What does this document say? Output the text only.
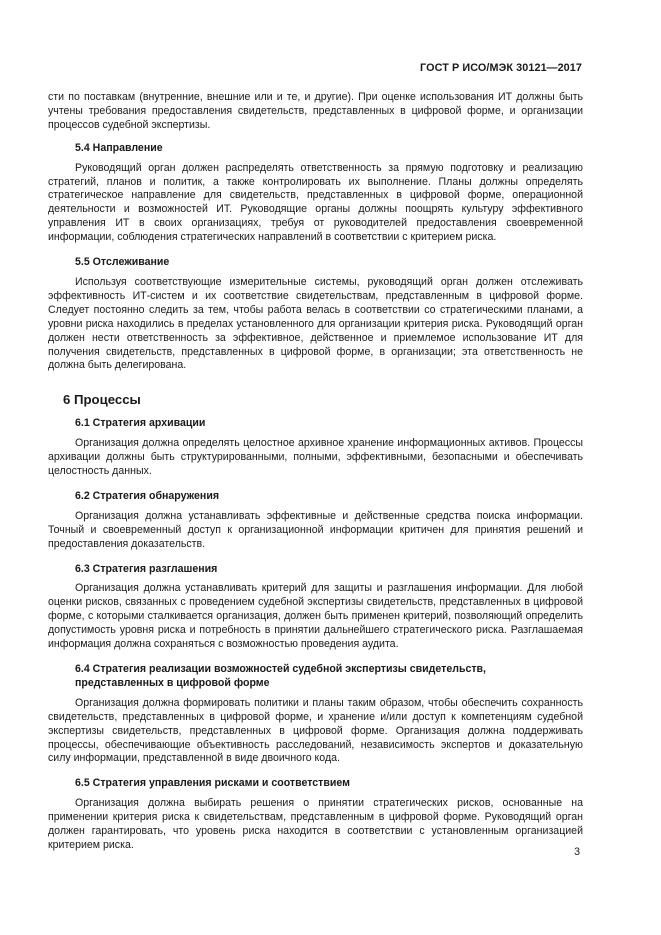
ГОСТ Р ИСО/МЭК 30121—2017

сти по поставкам (внутренние, внешние или и те, и другие). При оценке использования ИТ должны быть учтены требования предоставления свидетельств, представленных в цифровой форме, и организации процессов судебной экспертизы.

5.4 Направление

Руководящий орган должен распределять ответственность за прямую подготовку и реализацию стратегий, планов и политик, а также контролировать их выполнение. Планы должны определять стратегическое направление для свидетельств, представленных в цифровой форме, операционной деятельности и возможностей ИТ. Руководящие органы должны поощрять культуру эффективного управления ИТ в своих организациях, требуя от руководителей предоставления своевременной информации, соблюдения стратегических направлений в соответствии с критерием риска.

5.5 Отслеживание

Используя соответствующие измерительные системы, руководящий орган должен отслеживать эффективность ИТ-систем и их соответствие свидетельствам, представленным в цифровой форме. Следует постоянно следить за тем, чтобы работа велась в соответствии со стратегическими планами, а уровни риска находились в пределах установленного для организации критерия риска. Руководящий орган должен нести ответственность за эффективное, действенное и приемлемое использование ИТ для получения свидетельств, представленных в цифровой форме, в организации; эта ответственность не должна быть делегирована.

6 Процессы
6.1 Стратегия архивации

Организация должна определять целостное архивное хранение информационных активов. Процессы архивации должны быть структурированными, полными, эффективными, безопасными и обеспечивать целостность данных.

6.2 Стратегия обнаружения

Организация должна устанавливать эффективные и действенные средства поиска информации. Точный и своевременный доступ к организационной информации критичен для принятия решений и предоставления доказательств.

6.3 Стратегия разглашения

Организация должна устанавливать критерий для защиты и разглашения информации. Для любой оценки рисков, связанных с проведением судебной экспертизы свидетельств, представленных в цифровой форме, с которыми сталкивается организация, должен быть применен критерий, позволяющий определить допустимость уровня риска и потребность в принятии дальнейшего стратегического риска. Разглашаемая информация должна сохраняться с возможностью проведения аудита.

6.4 Стратегия реализации возможностей судебной экспертизы свидетельств,
представленных в цифровой форме

Организация должна формировать политики и планы таким образом, чтобы обеспечить сохранность свидетельств, представленных в цифровой форме, и хранение и/или доступ к компетенциям судебной экспертизы свидетельств, представленных в цифровой форме. Организация должна поддерживать процессы, обеспечивающие объективность расследований, независимость экспертов и доказательную силу информации, представленной в виде двоичного кода.

6.5 Стратегия управления рисками и соответствием

Организация должна выбирать решения о принятии стратегических рисков, основанные на применении критерия риска к свидетельствам, представленным в цифровой форме. Руководящий орган должен гарантировать, что уровень риска находится в соответствии с установленным организацией критерием риска.

3
